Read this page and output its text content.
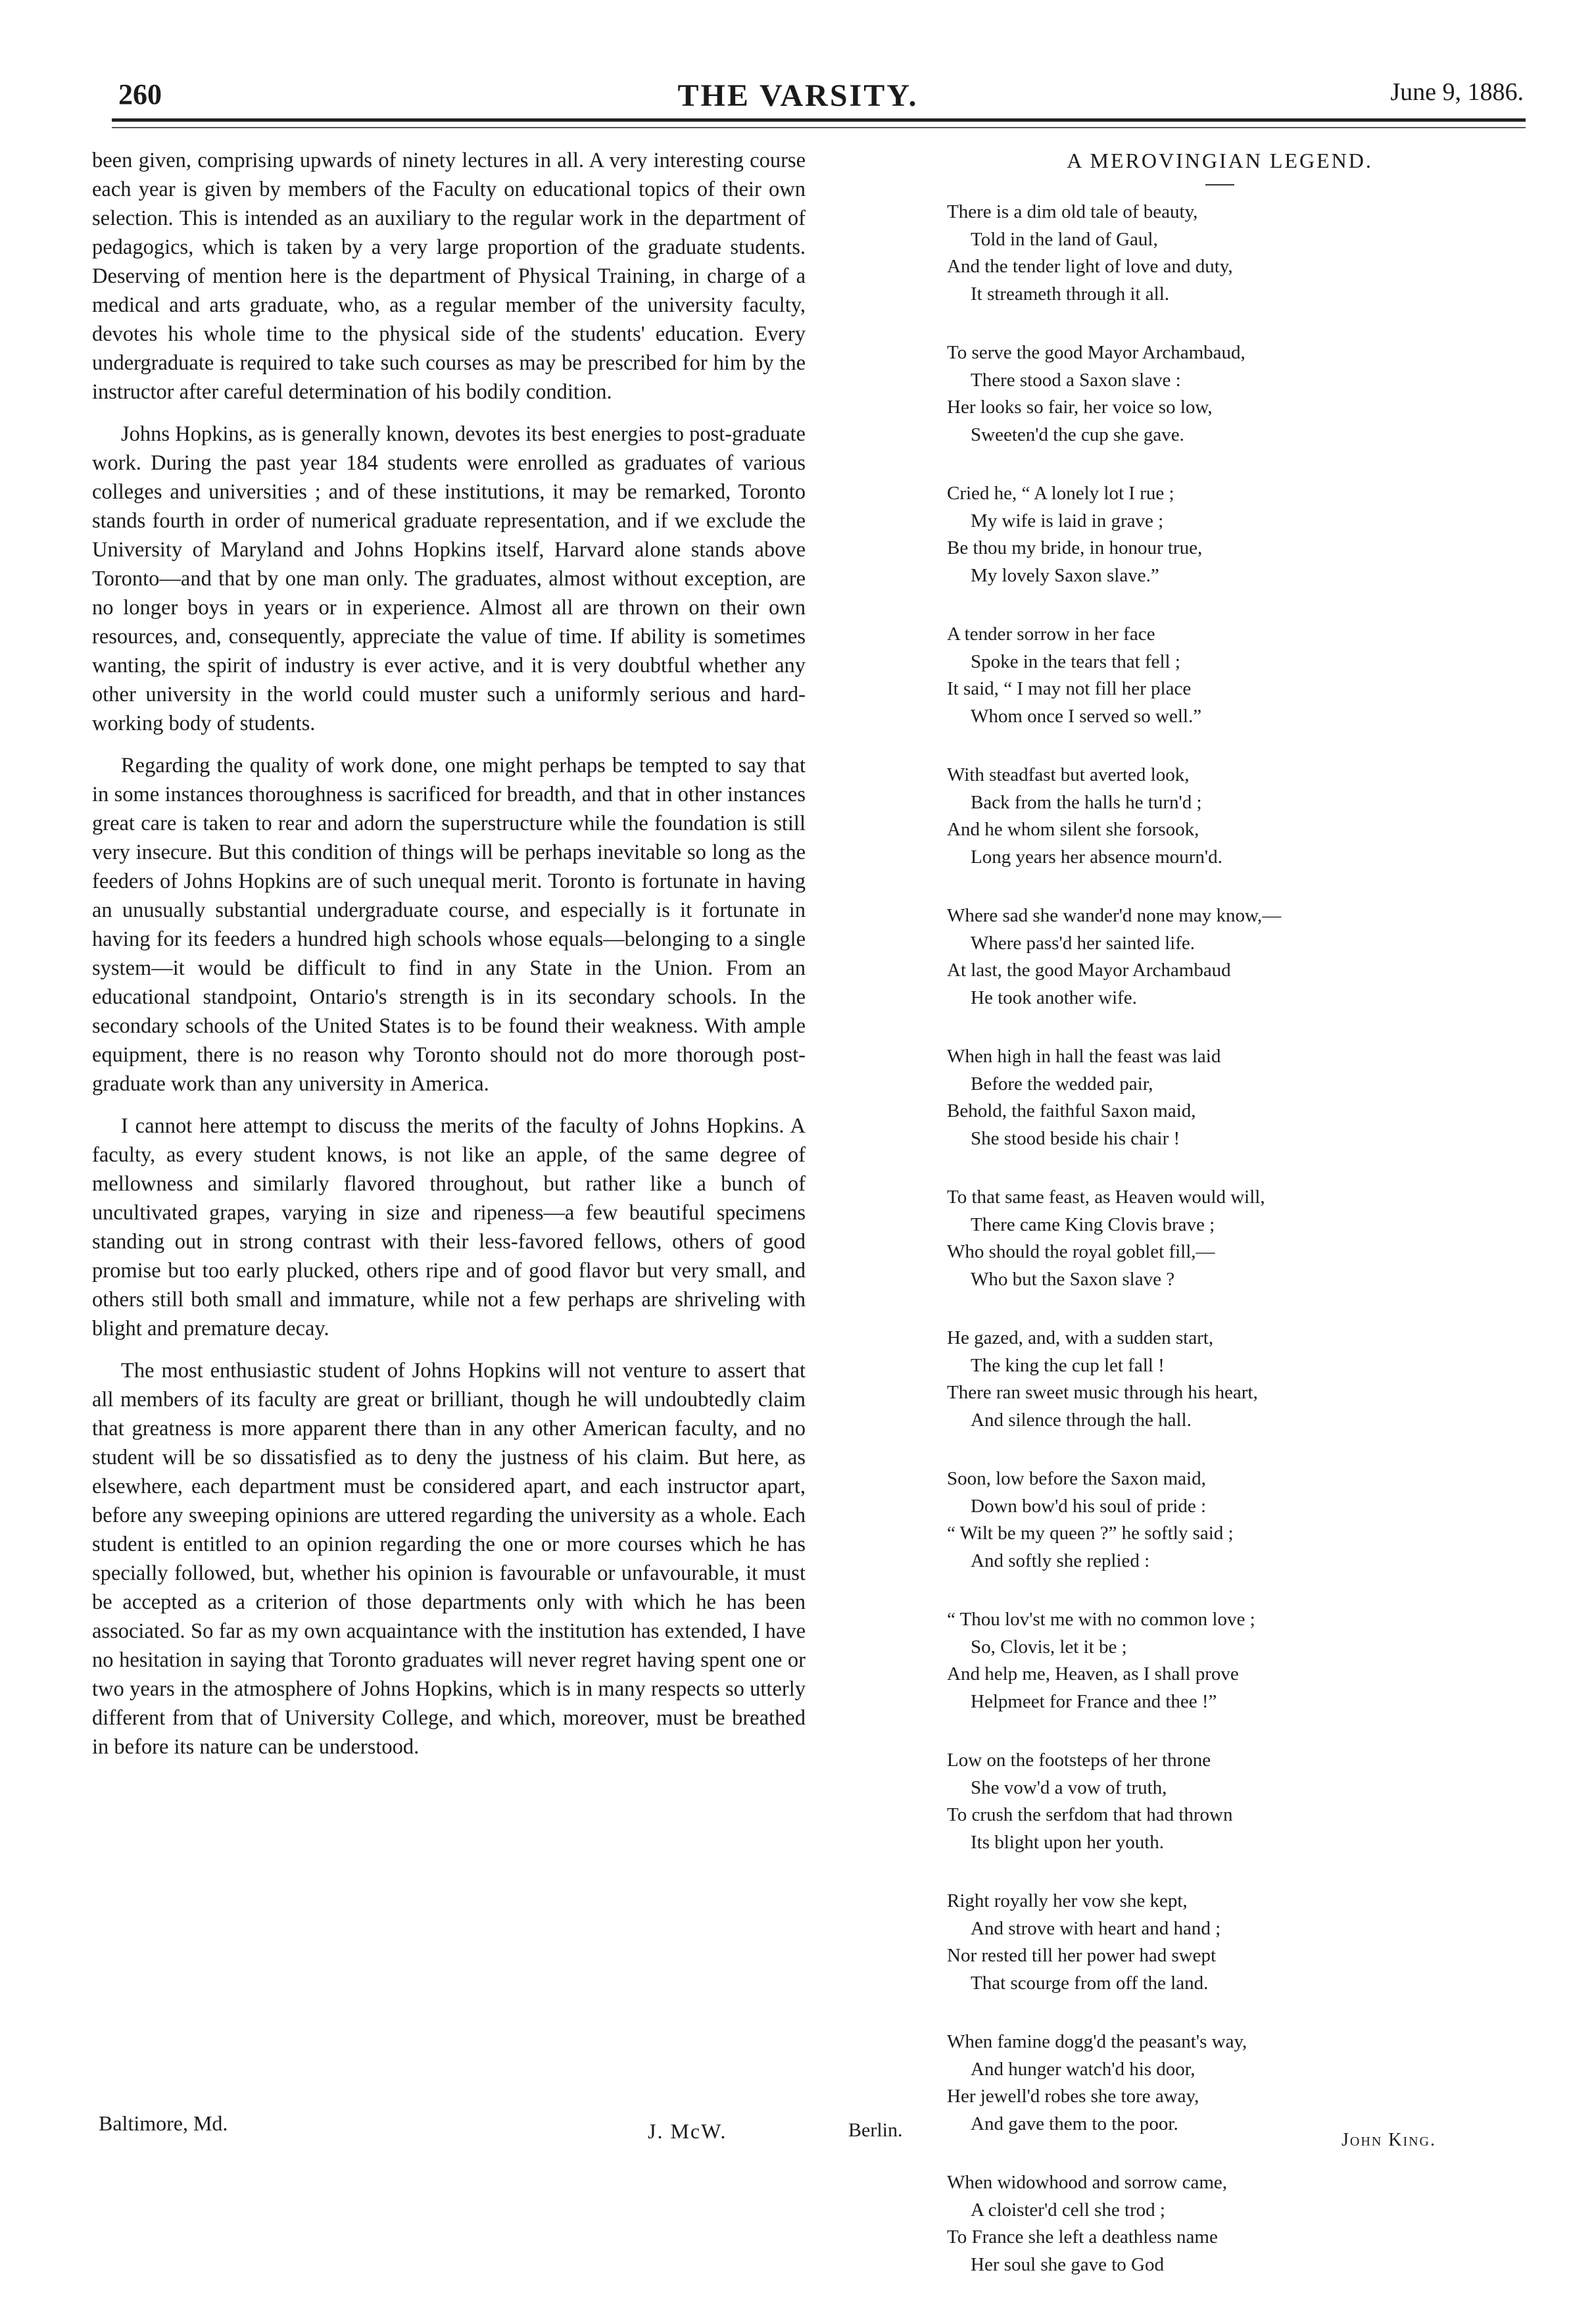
260	THE VARSITY.	June 9, 1886.

been given, comprising upwards of ninety lectures in all. A very interesting course each year is given by members of the Faculty on educational topics of their own selection. This is intended as an auxiliary to the regular work in the department of pedagogics, which is taken by a very large proportion of the graduate students. Deserving of mention here is the department of Physical Training, in charge of a medical and arts graduate, who, as a regular member of the university faculty, devotes his whole time to the physical side of the students' education. Every undergraduate is required to take such courses as may be prescribed for him by the instructor after careful determination of his bodily condition.

Johns Hopkins, as is generally known, devotes its best energies to post-graduate work. During the past year 184 students were enrolled as graduates of various colleges and universities ; and of these institutions, it may be remarked, Toronto stands fourth in order of numerical graduate representation, and if we exclude the University of Maryland and Johns Hopkins itself, Harvard alone stands above Toronto—and that by one man only. The graduates, almost without exception, are no longer boys in years or in experience. Almost all are thrown on their own resources, and, consequently, appreciate the value of time. If ability is sometimes wanting, the spirit of industry is ever active, and it is very doubtful whether any other university in the world could muster such a uniformly serious and hard-working body of students.

Regarding the quality of work done, one might perhaps be tempted to say that in some instances thoroughness is sacrificed for breadth, and that in other instances great care is taken to rear and adorn the superstructure while the foundation is still very insecure. But this condition of things will be perhaps inevitable so long as the feeders of Johns Hopkins are of such unequal merit. Toronto is fortunate in having an unusually substantial undergraduate course, and especially is it fortunate in having for its feeders a hundred high schools whose equals—belonging to a single system—it would be difficult to find in any State in the Union. From an educational standpoint, Ontario's strength is in its secondary schools. In the secondary schools of the United States is to be found their weakness. With ample equipment, there is no reason why Toronto should not do more thorough post-graduate work than any university in America.

I cannot here attempt to discuss the merits of the faculty of Johns Hopkins. A faculty, as every student knows, is not like an apple, of the same degree of mellowness and similarly flavored throughout, but rather like a bunch of uncultivated grapes, varying in size and ripeness—a few beautiful specimens standing out in strong contrast with their less-favored fellows, others of good promise but too early plucked, others ripe and of good flavor but very small, and others still both small and immature, while not a few perhaps are shriveling with blight and premature decay.

The most enthusiastic student of Johns Hopkins will not venture to assert that all members of its faculty are great or brilliant, though he will undoubtedly claim that greatness is more apparent there than in any other American faculty, and no student will be so dissatisfied as to deny the justness of his claim. But here, as elsewhere, each department must be considered apart, and each instructor apart, before any sweeping opinions are uttered regarding the university as a whole. Each student is entitled to an opinion regarding the one or more courses which he has specially followed, but, whether his opinion is favourable or unfavourable, it must be accepted as a criterion of those departments only with which he has been associated. So far as my own acquaintance with the institution has extended, I have no hesitation in saying that Toronto graduates will never regret having spent one or two years in the atmosphere of Johns Hopkins, which is in many respects so utterly different from that of University College, and which, moreover, must be breathed in before its nature can be understood.

A MEROVINGIAN LEGEND.
There is a dim old tale of beauty,
Told in the land of Gaul,
And the tender light of love and duty,
It streameth through it all.
To serve the good Mayor Archambaud,
There stood a Saxon slave :
Her looks so fair, her voice so low,
Sweeten'd the cup she gave.
Cried he, “ A lonely lot I rue ;
My wife is laid in grave ;
Be thou my bride, in honour true,
My lovely Saxon slave.”
A tender sorrow in her face
Spoke in the tears that fell ;
It said, “ I may not fill her place
Whom once I served so well.”
With steadfast but averted look,
Back from the halls he turn'd ;
And he whom silent she forsook,
Long years her absence mourn'd.
Where sad she wander'd none may know,—
Where pass'd her sainted life.
At last, the good Mayor Archambaud
He took another wife.
When high in hall the feast was laid
Before the wedded pair,
Behold, the faithful Saxon maid,
She stood beside his chair !
To that same feast, as Heaven would will,
There came King Clovis brave ;
Who should the royal goblet fill,—
Who but the Saxon slave ?
He gazed, and, with a sudden start,
The king the cup let fall !
There ran sweet music through his heart,
And silence through the hall.
Soon, low before the Saxon maid,
Down bow'd his soul of pride :
“ Wilt be my queen ?” he softly said ;
And softly she replied :
“ Thou lov'st me with no common love ;
So, Clovis, let it be ;
And help me, Heaven, as I shall prove
Helpmeet for France and thee !”
Low on the footsteps of her throne
She vow'd a vow of truth,
To crush the serfdom that had thrown
Its blight upon her youth.
Right royally her vow she kept,
And strove with heart and hand ;
Nor rested till her power had swept
That scourge from off the land.
When famine dogg'd the peasant's way,
And hunger watch'd his door,
Her jewell'd robes she tore away,
And gave them to the poor.
When widowhood and sorrow came,
A cloister'd cell she trod ;
To France she left a deathless name
Her soul she gave to God
Baltimore, Md.	J. McW.	Berlin.	John King.
